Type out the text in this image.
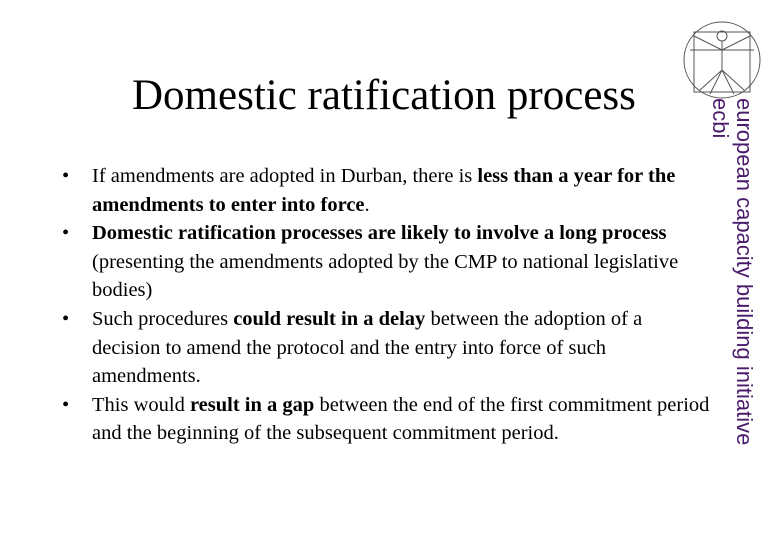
Domestic ratification process
• If amendments are adopted in Durban, there is less than a year for the amendments to enter into force.
• Domestic ratification processes are likely to involve a long process (presenting the amendments adopted by the CMP to national legislative bodies)
• Such procedures could result in a delay between the adoption of a decision to amend the protocol and the entry into force of such amendments.
• This would result in a gap between the end of the first commitment period and the beginning of the subsequent commitment period.	european capacity building initiative
ecbi
